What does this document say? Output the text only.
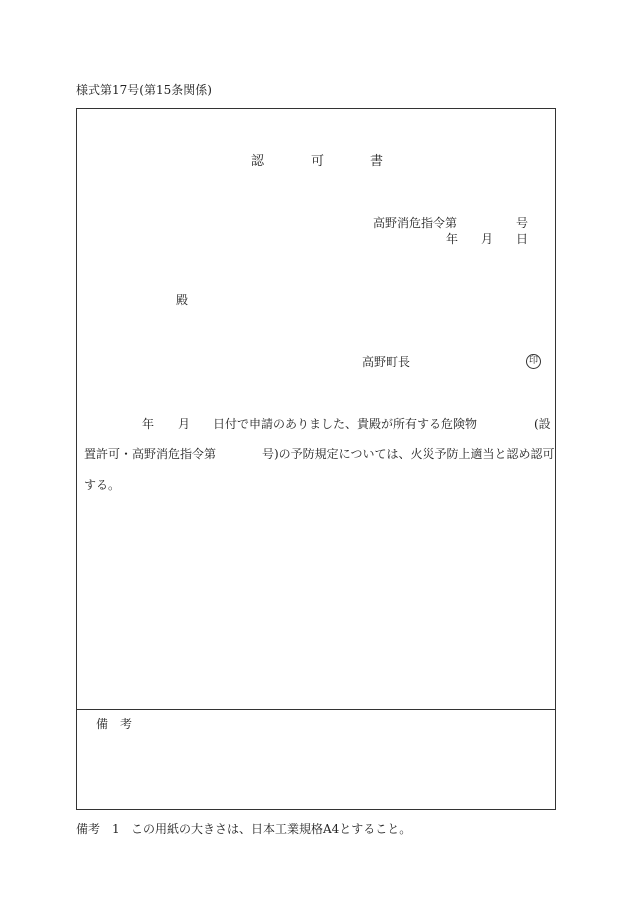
様式第17号(第15条関係)
認	可	書
高野消危指令第	号
年 月 日
殿
高野町長	印
年 月 日付で申請のありました、貴殿が所有する危険物	(設
置許可・高野消危指令第	号)の予防規定については、火災予防上適当と認め認可
する。
備　考
備考 1 この用紙の大きさは、日本工業規格A4とすること。
